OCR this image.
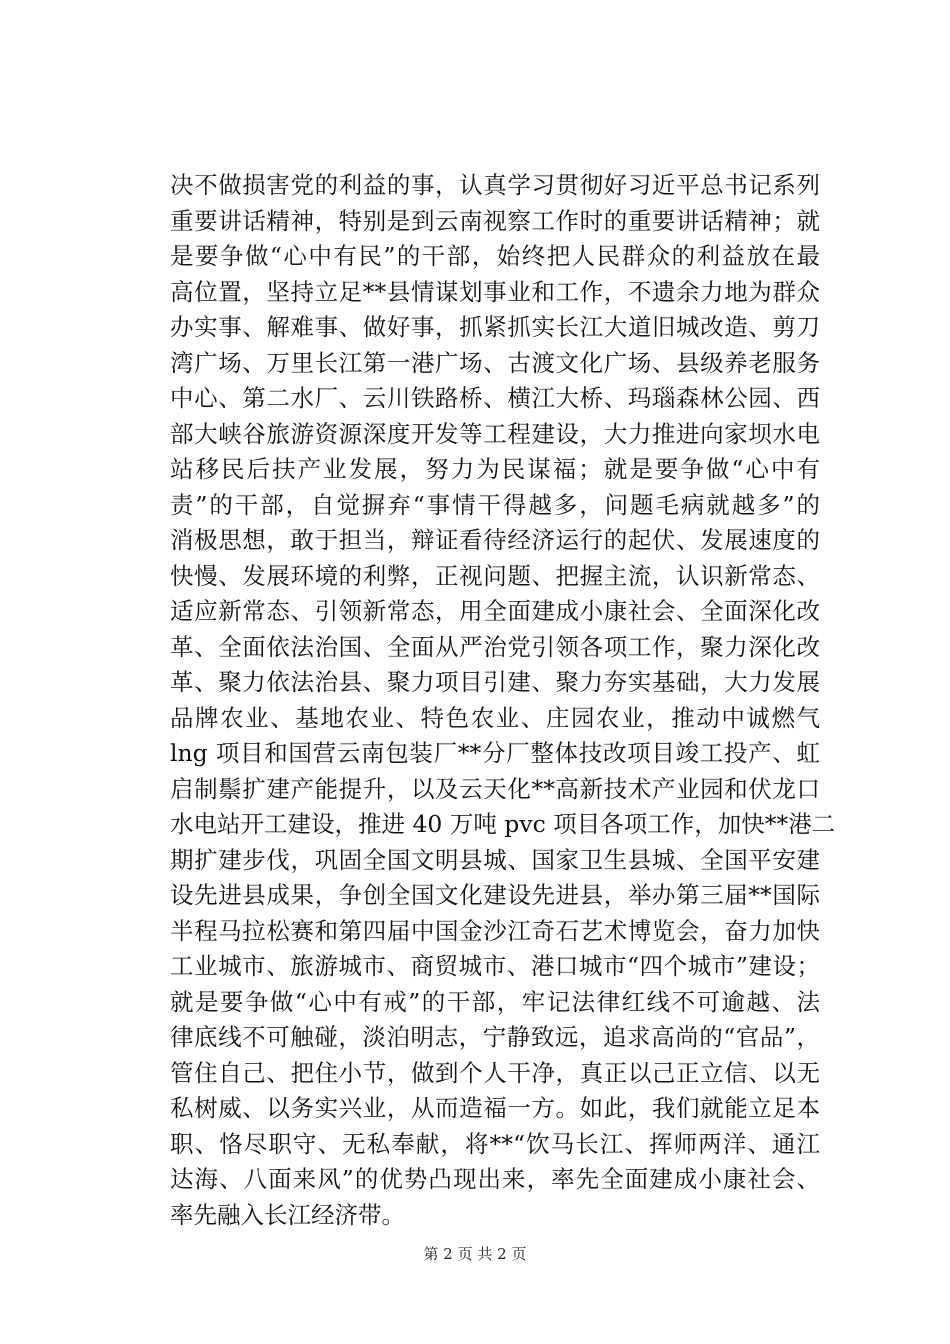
决不做损害党的利益的事，认真学习贯彻好习近平总书记系列
重要讲话精神，特别是到云南视察工作时的重要讲话精神；就
是要争做“心中有民”的干部，始终把人民群众的利益放在最
高位置，坚持立足**县情谋划事业和工作，不遗余力地为群众
办实事、解难事、做好事，抓紧抓实长江大道旧城改造、剪刀
湾广场、万里长江第一港广场、古渡文化广场、县级养老服务
中心、第二水厂、云川铁路桥、横江大桥、玛瑙森林公园、西
部大峡谷旅游资源深度开发等工程建设，大力推进向家坝水电
站移民后扶产业发展，努力为民谋福；就是要争做“心中有
责”的干部，自觉摒弃“事情干得越多，问题毛病就越多”的
消极思想，敢于担当，辩证看待经济运行的起伏、发展速度的
快慢、发展环境的利弊，正视问题、把握主流，认识新常态、
适应新常态、引领新常态，用全面建成小康社会、全面深化改
革、全面依法治国、全面从严治党引领各项工作，聚力深化改
革、聚力依法治县、聚力项目引建、聚力夯实基础，大力发展
品牌农业、基地农业、特色农业、庄园农业，推动中诚燃气
lng 项目和国营云南包装厂**分厂整体技改项目竣工投产、虹
启制鬃扩建产能提升，以及云天化**高新技术产业园和伏龙口
水电站开工建设，推进 40 万吨 pvc 项目各项工作，加快**港二
期扩建步伐，巩固全国文明县城、国家卫生县城、全国平安建
设先进县成果，争创全国文化建设先进县，举办第三届**国际
半程马拉松赛和第四届中国金沙江奇石艺术博览会，奋力加快
工业城市、旅游城市、商贸城市、港口城市“四个城市”建设；
就是要争做“心中有戒”的干部，牢记法律红线不可逾越、法
律底线不可触碰，淡泊明志，宁静致远，追求高尚的“官品”，
管住自己、把住小节，做到个人干净，真正以己正立信、以无
私树威、以务实兴业，从而造福一方。如此，我们就能立足本
职、恪尽职守、无私奉献，将**“饮马长江、挥师两洋、通江
达海、八面来风”的优势凸现出来，率先全面建成小康社会、
率先融入长江经济带。
第 2 页 共 2 页
